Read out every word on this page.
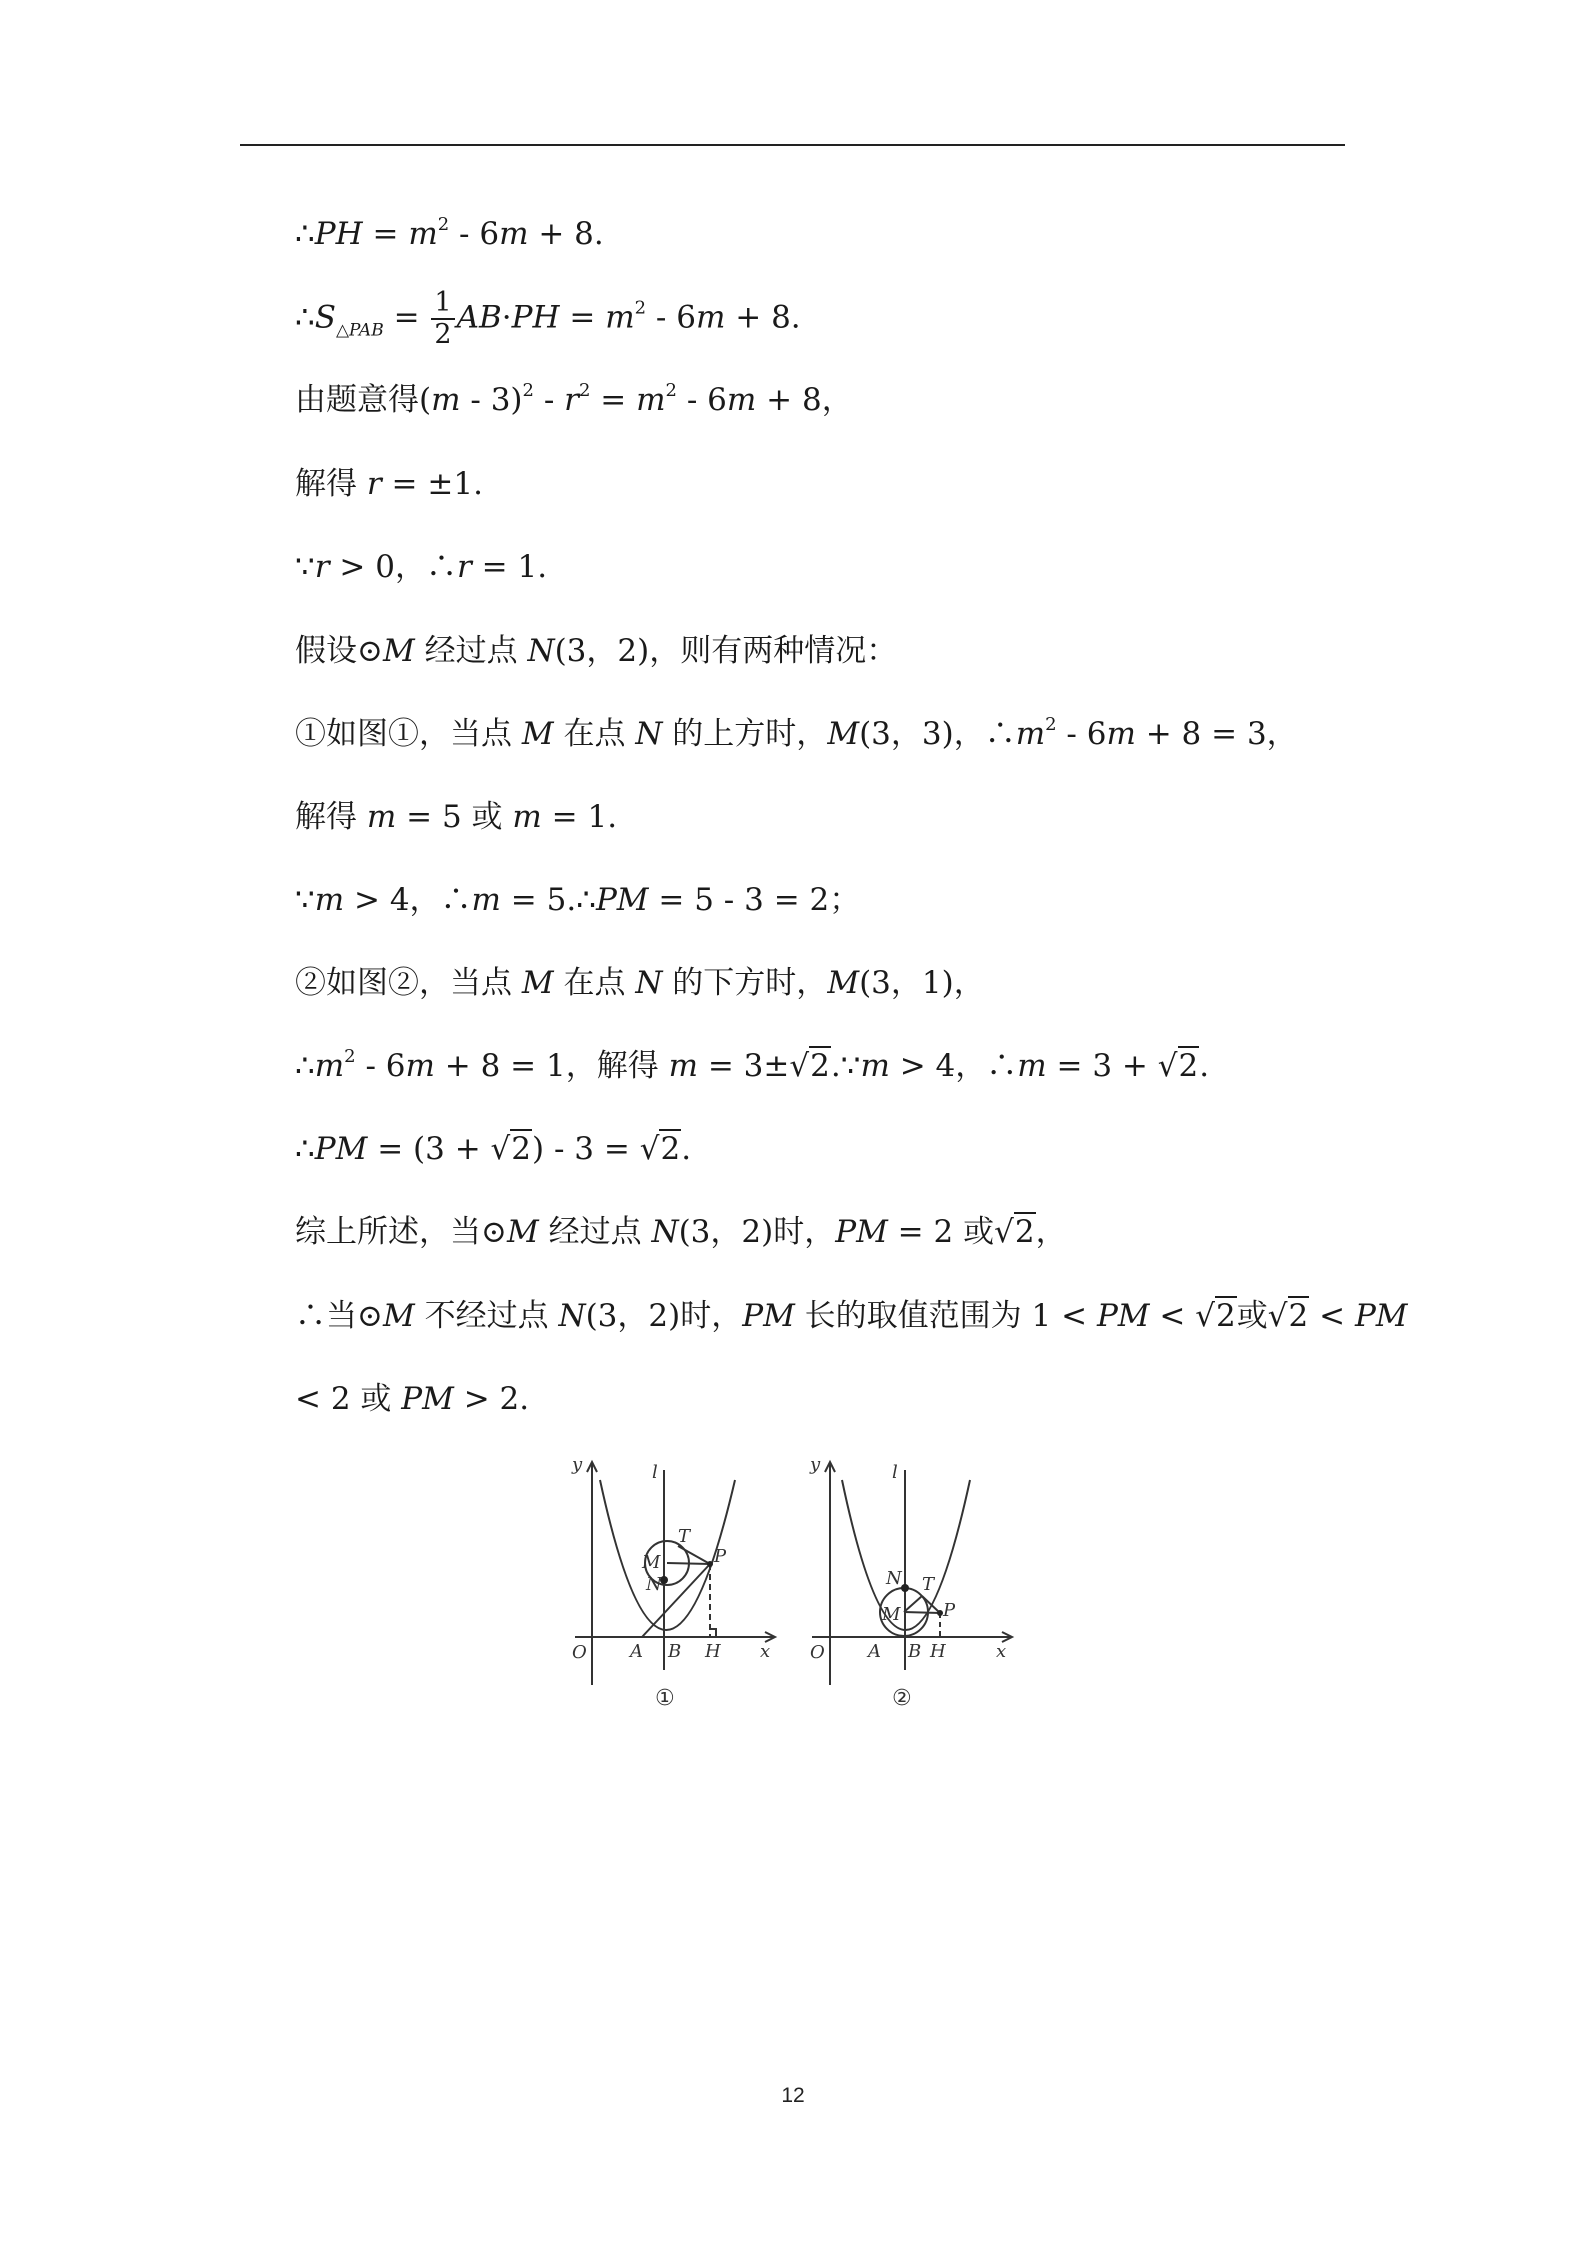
∴PH = $m^2 - 6m + 8$.
$\therefore S_{\triangle PAB} = \frac{1}{2} AB\cdot PH = m^2 - 6m + 8$.
由题意得$(m - 3)^2 - r^2 = m^2 - 6m + 8$，
解得 r = ±1.
∵r > 0，∴r = 1.
假设⊙M 经过点 N(3，2)，则有两种情况：
①如图①，当点 M 在点 N 的上方时，M(3，3)，$\therefore m^2 - 6m + 8 = 3$，
解得 m = 5 或 m = 1.
∵m > 4，∴m = 5.∴PM = 5 - 3 = 2；
②如图②，当点 M 在点 N 的下方时，M(3，1)，
$\therefore m^2 - 6m + 8 = 1$，解得 m = 3±√2.∵m > 4，∴m = 3 + √2.
∴PM = (3 + √2) - 3 = √2.
综上所述，当⊙M 经过点 N(3，2)时，PM = 2 或√2，
∴当⊙M 不经过点 N(3，2)时，PM 长的取值范围为 1 < PM < √2或√2 < PM
< 2 或 PM > 2.
y	l
T
P
M
N
O A B H x
①
y	l
N T
M P
O A B H	x
②
12
